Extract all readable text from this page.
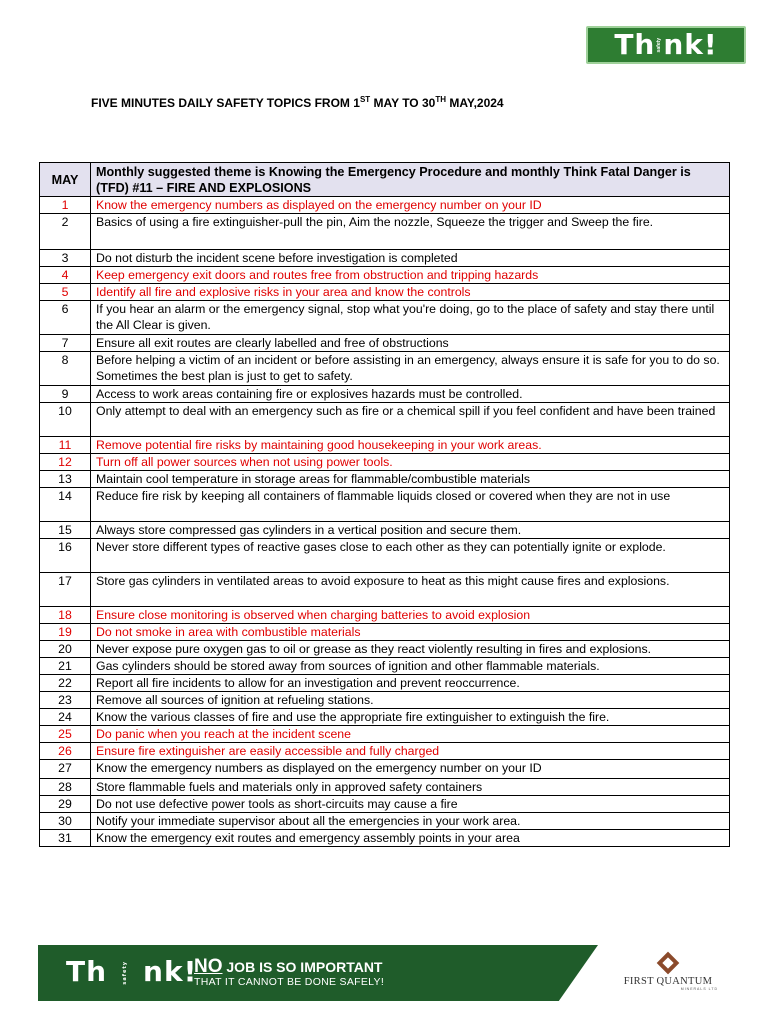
Th safety nk!
FIVE MINUTES DAILY SAFETY TOPICS FROM 1ST MAY TO 30TH MAY,2024
MAY	Monthly suggested theme is Knowing the Emergency Procedure and monthly Think Fatal Danger is (TFD) #11 – FIRE AND EXPLOSIONS
1	Know the emergency numbers as displayed on the emergency number on your ID
2	Basics of using a fire extinguisher-pull the pin, Aim the nozzle, Squeeze the trigger and Sweep the fire.
3	Do not disturb the incident scene before investigation is completed
4	Keep emergency exit doors and routes free from obstruction and tripping hazards
5	Identify all fire and explosive risks in your area and know the controls
6	If you hear an alarm or the emergency signal, stop what you're doing, go to the place of safety and stay there until the All Clear is given.
7	Ensure all exit routes are clearly labelled and free of obstructions
8	Before helping a victim of an incident or before assisting in an emergency, always ensure it is safe for you to do so. Sometimes the best plan is just to get to safety.
9	Access to work areas containing fire or explosives hazards must be controlled.
10	Only attempt to deal with an emergency such as fire or a chemical spill if you feel confident and have been trained
11	Remove potential fire risks by maintaining good housekeeping in your work areas.
12	Turn off all power sources when not using power tools.
13	Maintain cool temperature in storage areas for flammable/combustible materials
14	Reduce fire risk by keeping all containers of flammable liquids closed or covered when they are not in use
15	Always store compressed gas cylinders in a vertical position and secure them.
16	Never store different types of reactive gases close to each other as they can potentially ignite or explode.
17	Store gas cylinders in ventilated areas to avoid exposure to heat as this might cause fires and explosions.
18	Ensure close monitoring is observed when charging batteries to avoid explosion
19	Do not smoke in area with combustible materials
20	Never expose pure oxygen gas to oil or grease as they react violently resulting in fires and explosions.
21	Gas cylinders should be stored away from sources of ignition and other flammable materials.
22	Report all fire incidents to allow for an investigation and prevent reoccurrence.
23	Remove all sources of ignition at refueling stations.
24	Know the various classes of fire and use the appropriate fire extinguisher to extinguish the fire.
25	Do panic when you reach at the incident scene
26	Ensure fire extinguisher are easily accessible and fully charged
27	Know the emergency numbers as displayed on the emergency number on your ID
28	Store flammable fuels and materials only in approved safety containers
29	Do not use defective power tools as short-circuits may cause a fire
30	Notify your immediate supervisor about all the emergencies in your work area.
31	Know the emergency exit routes and emergency assembly points in your area
Th	safety nk!
NO JOB IS SO IMPORTANT
THAT IT CANNOT BE DONE SAFELY!	FIRST QUANTUM
MINERALS LTD
